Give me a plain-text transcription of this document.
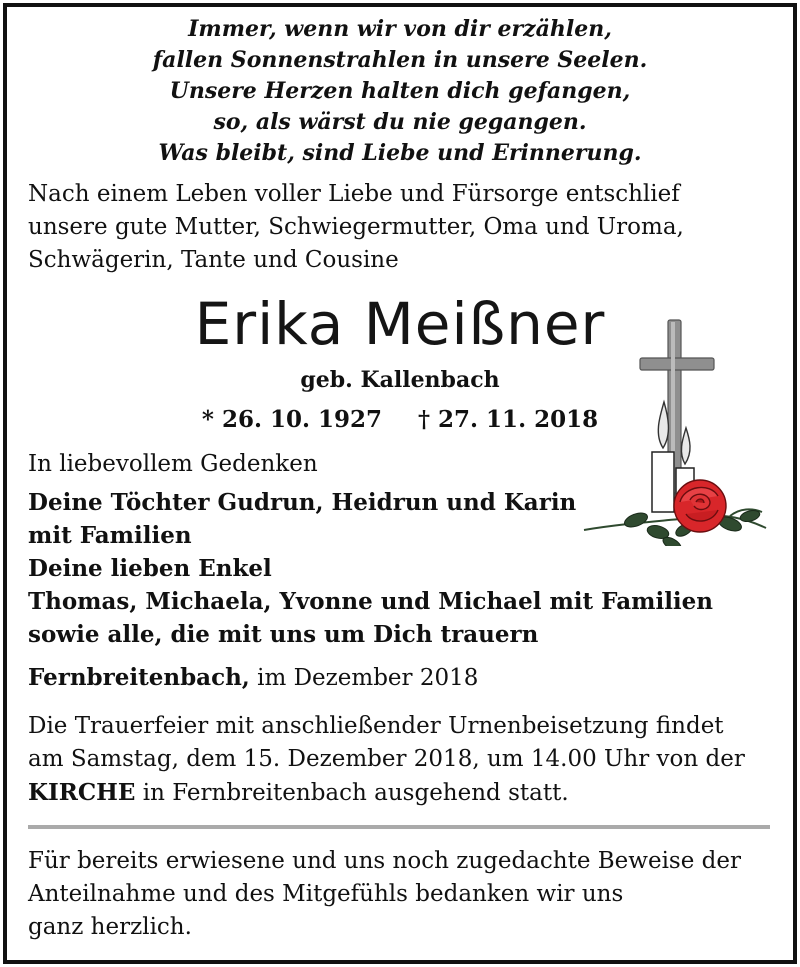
Immer, wenn wir von dir erzählen,
fallen Sonnenstrahlen in unsere Seelen.
Unsere Herzen halten dich gefangen,
so, als wärst du nie gegangen.
Was bleibt, sind Liebe und Erinnerung.
Nach einem Leben voller Liebe und Fürsorge entschlief
unsere gute Mutter, Schwiegermutter, Oma und Uroma,
Schwägerin, Tante und Cousine
Erika Meißner
geb. Kallenbach
* 26. 10. 1927 † 27. 11. 2018
In liebevollem Gedenken
Deine Töchter Gudrun, Heidrun und Karin
mit Familien
Deine lieben Enkel
Thomas, Michaela, Yvonne und Michael mit Familien
sowie alle, die mit uns um Dich trauern
Fernbreitenbach, im Dezember 2018
Die Trauerfeier mit anschließender Urnenbeisetzung findet
am Samstag, dem 15. Dezember 2018, um 14.00 Uhr von der
KIRCHE in Fernbreitenbach ausgehend statt.
Für bereits erwiesene und uns noch zugedachte Beweise der
Anteilnahme und des Mitgefühls bedanken wir uns
ganz herzlich.
